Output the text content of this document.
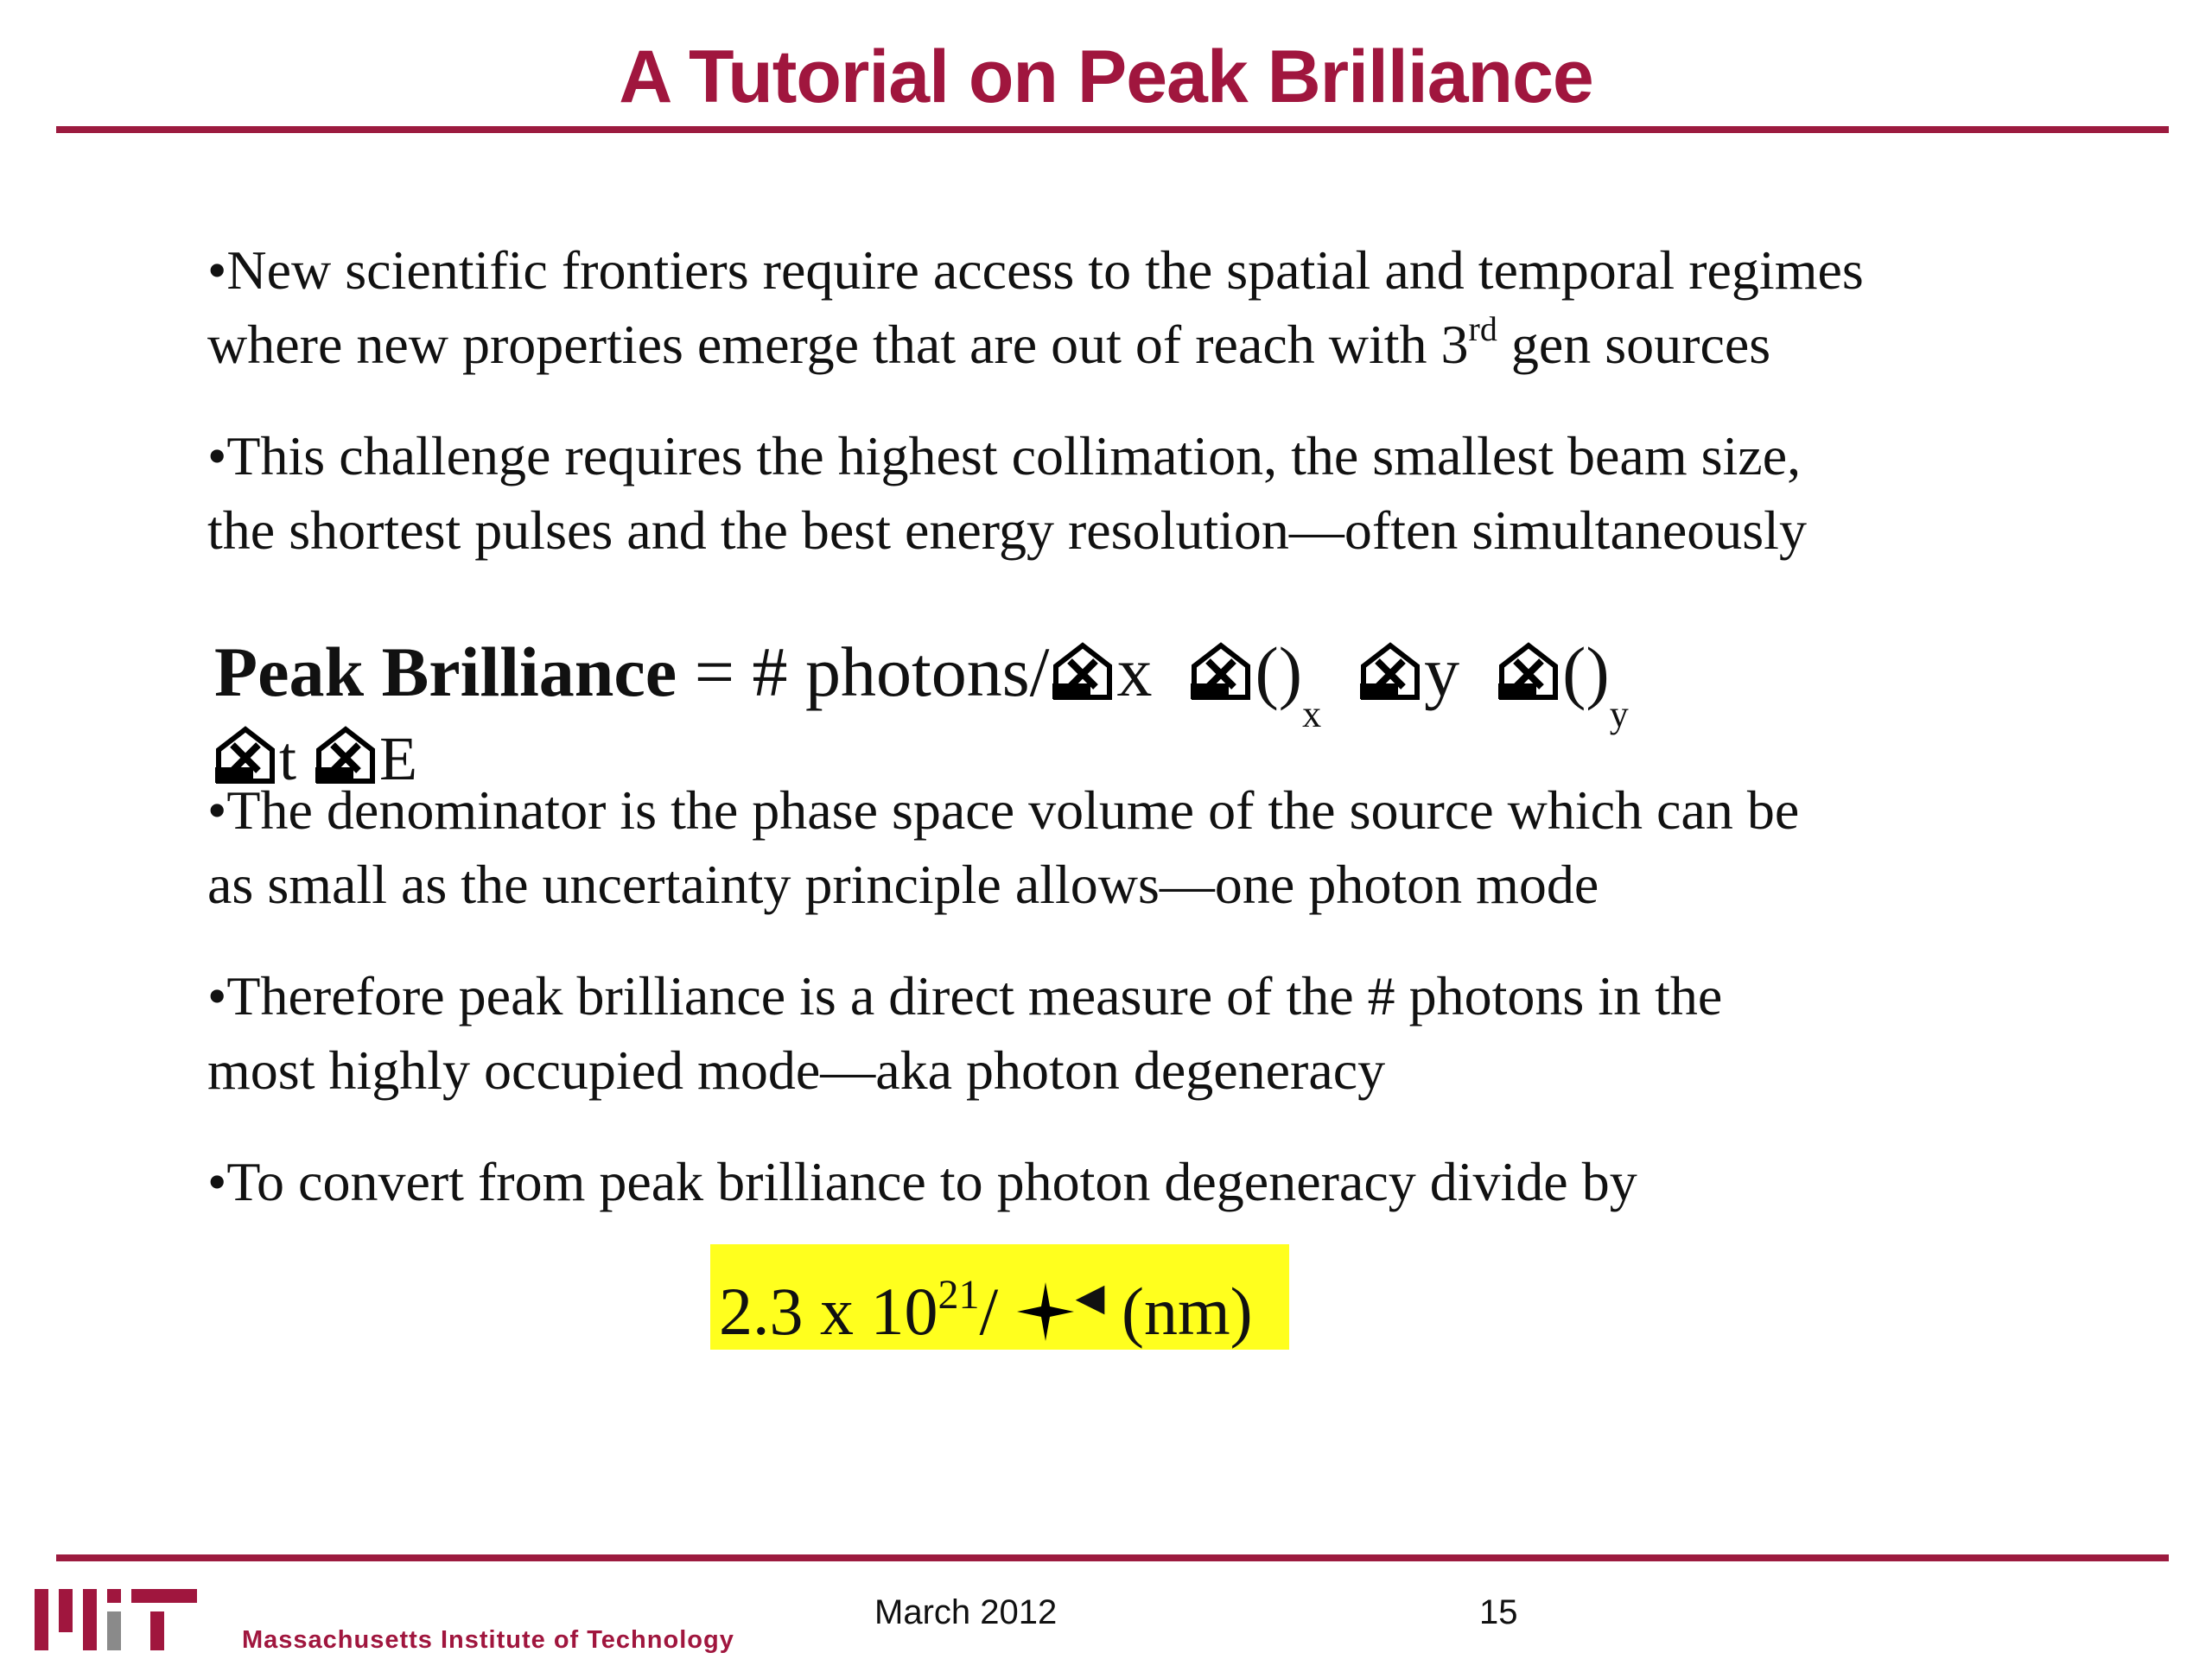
A Tutorial on Peak Brilliance
•New scientific frontiers require access to the spatial and temporal regimes
where new properties emerge that are out of reach with 3rd gen sources
•This challenge requires the highest collimation, the smallest beam size,
the shortest pulses and the best energy resolution—often simultaneously
Peak Brilliance = # photons/ x $()_x$  y $()_y$
t E
•The denominator is the phase space volume of the source which can be
as small as the uncertainty principle allows—one photon mode
•Therefore peak brilliance is a direct measure of the # photons in the
most highly occupied mode—aka photon degeneracy
•To convert from peak brilliance to photon degeneracy divide by
2.3 x $10^{21}/$ ◀ (nm)
Massachusetts Institute of Technology
March 2012	15
